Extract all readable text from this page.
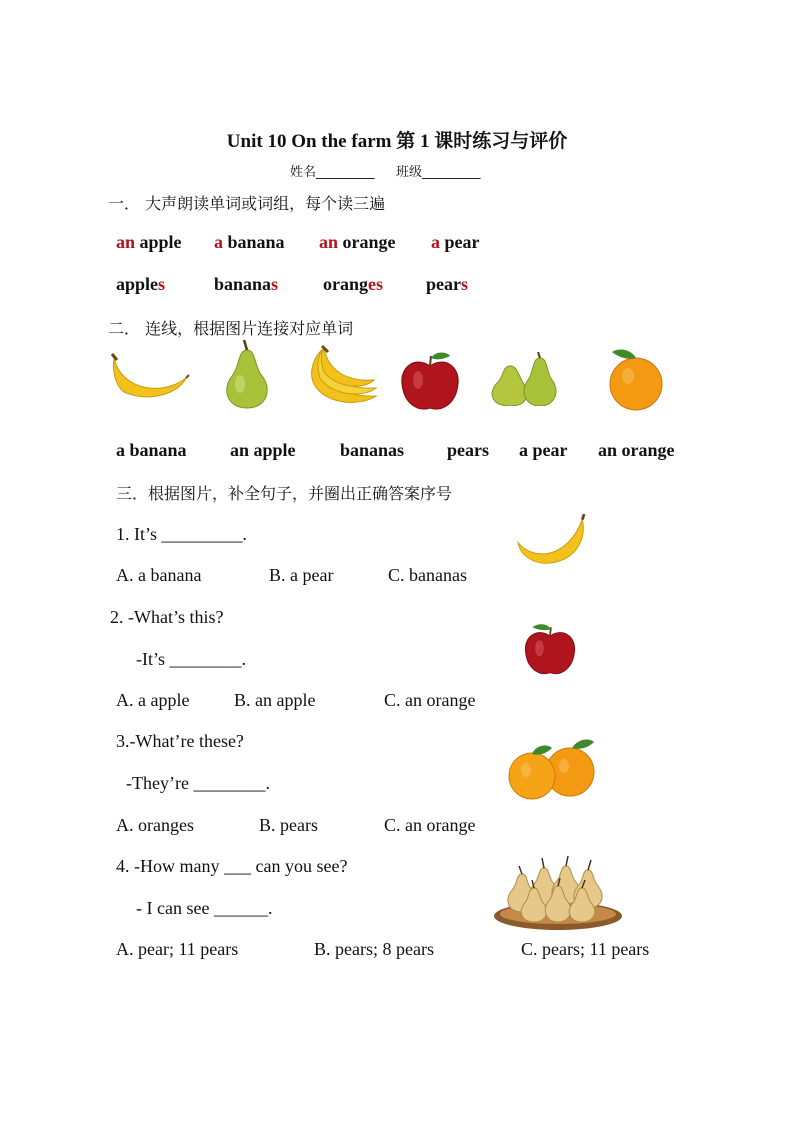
Unit 10 On the farm 第 1 课时练习与评价
姓名_________ 班级_________
一． 大声朗读单词或词组，每个读三遍
an apple a banana an orange a pear
apples	bananas oranges pears
二． 连线，根据图片连接对应单词
a banana an apple bananas pears a pear an orange
三．根据图片，补全句子，并圈出正确答案序号
1. It’s _________.
A. a banana	B. a pear	C. bananas
2. -What’s this?
-It’s ________.
A. a apple B. an apple	C. an orange
3.-What’re these?
-They’re ________.
A. oranges	B. pears	C. an orange
4. -How many ___ can you see?
- I can see ______.
A. pear; 11 pears	B. pears; 8 pears	C. pears; 11 pears
